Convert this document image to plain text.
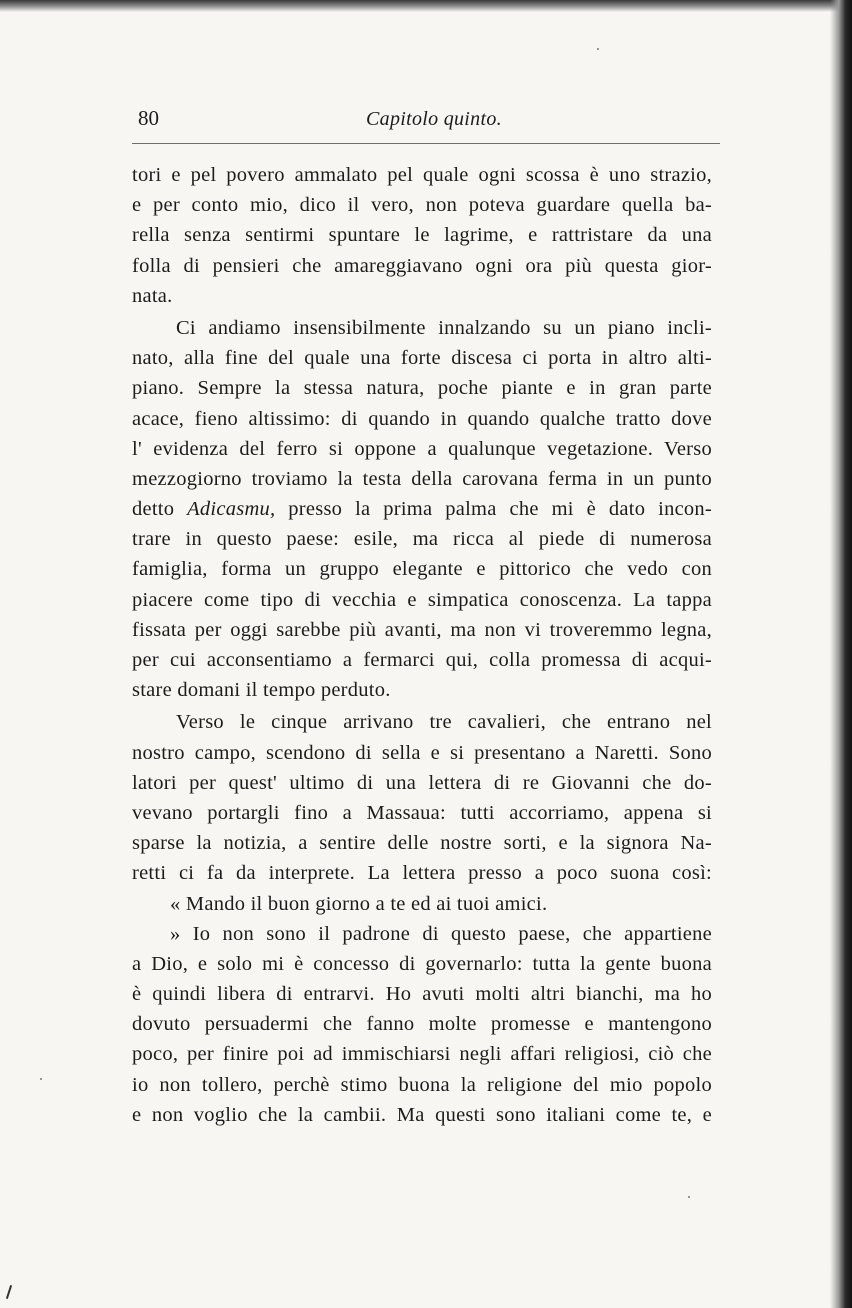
80	Capitolo quinto.
tori e pel povero ammalato pel quale ogni scossa è uno strazio,
e per conto mio, dico il vero, non poteva guardare quella ba-
rella senza sentirmi spuntare le lagrime, e rattristare da una
folla di pensieri che amareggiavano ogni ora più questa gior-
nata.
Ci andiamo insensibilmente innalzando su un piano incli-
nato, alla fine del quale una forte discesa ci porta in altro alti-
piano. Sempre la stessa natura, poche piante e in gran parte
acace, fieno altissimo: di quando in quando qualche tratto dove
l' evidenza del ferro si oppone a qualunque vegetazione. Verso
mezzogiorno troviamo la testa della carovana ferma in un punto
detto Adicasmu, presso la prima palma che mi è dato incon-
trare in questo paese: esile, ma ricca al piede di numerosa
famiglia, forma un gruppo elegante e pittorico che vedo con
piacere come tipo di vecchia e simpatica conoscenza. La tappa
fissata per oggi sarebbe più avanti, ma non vi troveremmo legna,
per cui acconsentiamo a fermarci qui, colla promessa di acqui-
stare domani il tempo perduto.
Verso le cinque arrivano tre cavalieri, che entrano nel
nostro campo, scendono di sella e si presentano a Naretti. Sono
latori per quest' ultimo di una lettera di re Giovanni che do-
vevano portargli fino a Massaua: tutti accorriamo, appena si
sparse la notizia, a sentire delle nostre sorti, e la signora Na-
retti ci fa da interprete. La lettera presso a poco suona così:
« Mando il buon giorno a te ed ai tuoi amici.
» Io non sono il padrone di questo paese, che appartiene
a Dio, e solo mi è concesso di governarlo: tutta la gente buona
è quindi libera di entrarvi. Ho avuti molti altri bianchi, ma ho
dovuto persuadermi che fanno molte promesse e mantengono
poco, per finire poi ad immischiarsi negli affari religiosi, ciò che
io non tollero, perchè stimo buona la religione del mio popolo
e non voglio che la cambii. Ma questi sono italiani come te, e
